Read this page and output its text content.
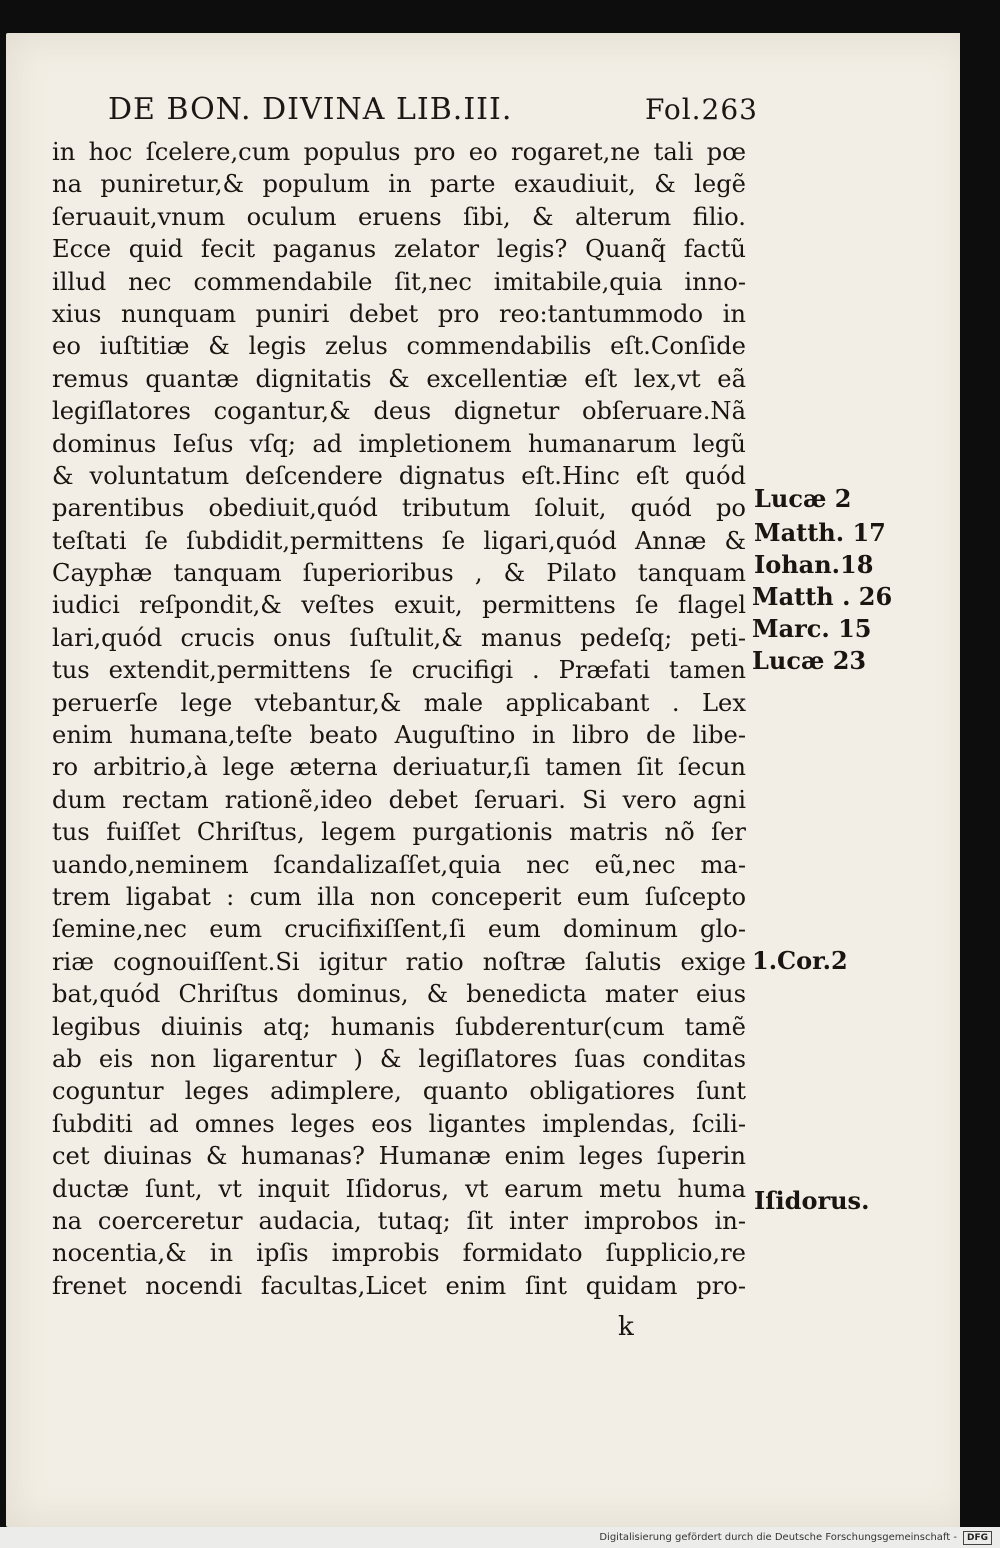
DE BON. DIVINA LIB.III.	Fol.263
in hoc ſcelere,cum populus pro eo rogaret,ne tali pœ
na puniretur,& populum in parte exaudiuit, & legẽ
ſeruauit,vnum oculum eruens ſibi, & alterum filio.
Ecce quid fecit paganus zelator legis? Quanq̃ factũ
illud nec commendabile ſit,nec imitabile,quia inno-
xius nunquam puniri debet pro reo:tantummodo in
eo iuſtitiæ & legis zelus commendabilis eſt.Conſide
remus quantæ dignitatis & excellentiæ eſt lex,vt eã
legiſlatores cogantur,& deus dignetur obſeruare.Nã
dominus Ieſus vſq; ad impletionem humanarum legũ
& voluntatum deſcendere dignatus eſt.Hinc eſt quód
parentibus obediuit,quód tributum ſoluit, quód po
teſtati ſe ſubdidit,permittens ſe ligari,quód Annæ &
Cayphæ tanquam ſuperioribus , & Pilato tanquam
iudici reſpondit,& veſtes exuit, permittens ſe flagel
lari,quód crucis onus ſuſtulit,& manus pedeſq; peti-
tus extendit,permittens ſe crucifigi . Præfati tamen
peruerſe lege vtebantur,& male applicabant . Lex
enim humana,teſte beato Auguſtino in libro de libe-
ro arbitrio,à lege æterna deriuatur,ſi tamen ſit ſecun
dum rectam rationẽ,ideo debet ſeruari. Si vero agni
tus fuiſſet Chriſtus, legem purgationis matris nõ ſer
uando,neminem ſcandalizaſſet,quia nec eũ,nec ma-
trem ligabat : cum illa non conceperit eum ſuſcepto
ſemine,nec eum crucifixiſſent,ſi eum dominum glo-
riæ cognouiſſent.Si igitur ratio noſtræ ſalutis exige
bat,quód Chriſtus dominus, & benedicta mater eius
legibus diuinis atq; humanis ſubderentur(cum tamẽ
ab eis non ligarentur ) & legiſlatores ſuas conditas
coguntur leges adimplere, quanto obligatiores ſunt
ſubditi ad omnes leges eos ligantes implendas, ſcili-
cet diuinas & humanas? Humanæ enim leges ſuperin
ductæ ſunt, vt inquit Iſidorus, vt earum metu huma
na coerceretur audacia, tutaq; ſit inter improbos in-
nocentia,& in ipſis improbis formidato ſupplicio,re
frenet nocendi facultas,Licet enim ſint quidam pro-
k
Lucæ 2
Matth. 17
Iohan.18
Matth . 26
Marc. 15
Lucæ 23
1.Cor.2
Iſidorus.
Digitalisierung gefördert durch die Deutsche Forschungsgemeinschaft -	DFG
